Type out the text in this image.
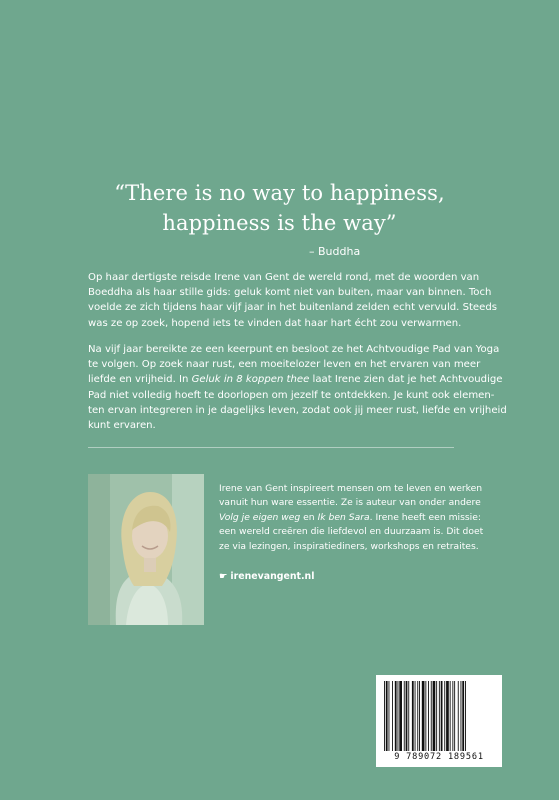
“There is no way to happiness,
happiness is the way”
– Buddha
Op haar dertigste reisde Irene van Gent de wereld rond, met de woorden van
Boeddha als haar stille gids: geluk komt niet van buiten, maar van binnen. Toch
voelde ze zich tijdens haar vijf jaar in het buitenland zelden echt vervuld. Steeds
was ze op zoek, hopend iets te vinden dat haar hart écht zou verwarmen.
Na vijf jaar bereikte ze een keerpunt en besloot ze het Achtvoudige Pad van Yoga
te volgen. Op zoek naar rust, een moeitelozer leven en het ervaren van meer
liefde en vrijheid. In Geluk in 8 koppen thee laat Irene zien dat je het Achtvoudige
Pad niet volledig hoeft te doorlopen om jezelf te ontdekken. Je kunt ook elemen-
ten ervan integreren in je dagelijks leven, zodat ook jij meer rust, liefde en vrijheid
kunt ervaren.
Irene van Gent inspireert mensen om te leven en werken
vanuit hun ware essentie. Ze is auteur van onder andere
Volg je eigen weg en Ik ben Sara. Irene heeft een missie:
een wereld creëren die liefdevol en duurzaam is. Dit doet
ze via lezingen, inspiratiediners, workshops en retraites.
☛ irenevangent.nl
9 789072 189561
